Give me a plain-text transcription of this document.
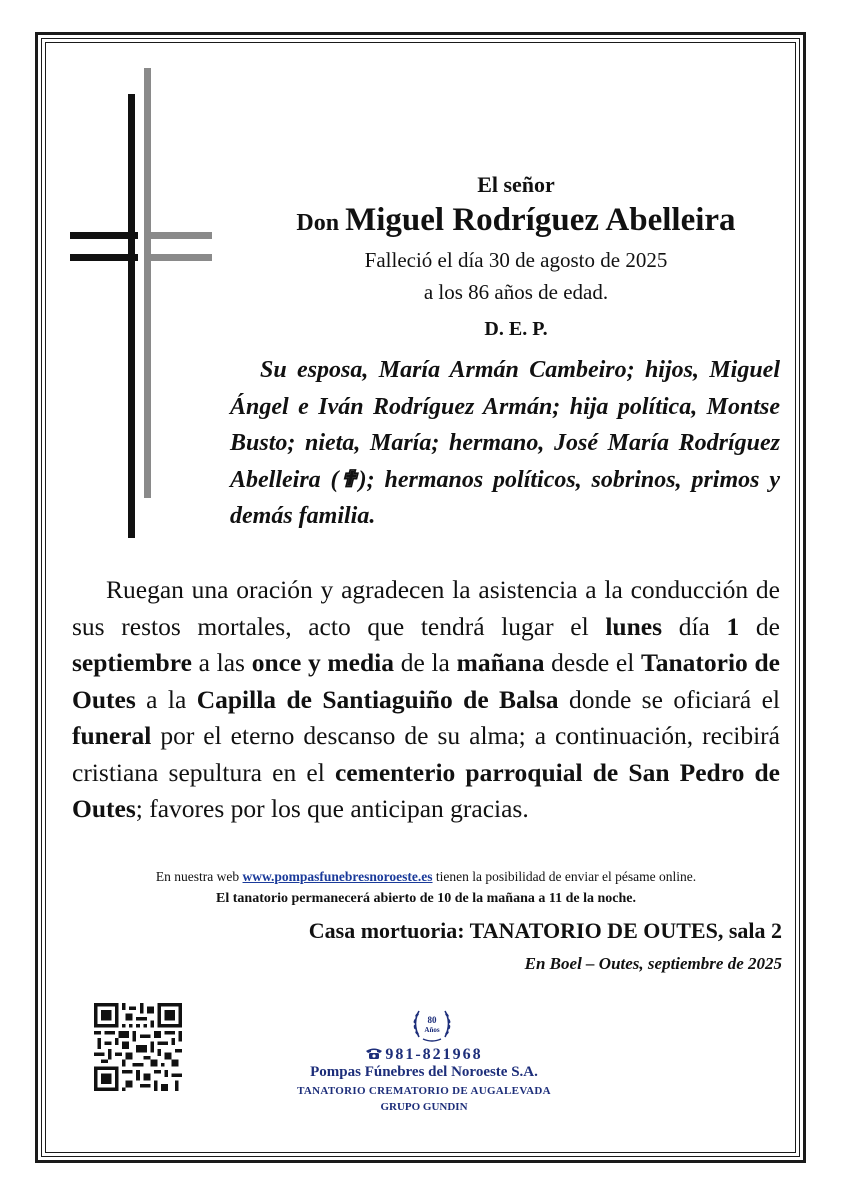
El señor
Don Miguel Rodríguez Abelleira
Falleció el día 30 de agosto de 2025
a los 86 años de edad.
D. E. P.
Su esposa, María Armán Cambeiro; hijos, Miguel Ángel e Iván Rodríguez Armán; hija política, Montse Busto; nieta, María; hermano, José María Rodríguez Abelleira (✟); hermanos políticos, sobrinos, primos y demás familia.
Ruegan una oración y agradecen la asistencia a la conducción de sus restos mortales, acto que tendrá lugar el lunes día 1 de septiembre a las once y media de la mañana desde el Tanatorio de Outes a la Capilla de Santiaguiño de Balsa donde se oficiará el funeral por el eterno descanso de su alma; a continuación, recibirá cristiana sepultura en el cementerio parroquial de San Pedro de Outes; favores por los que anticipan gracias.
En nuestra web www.pompasfunebresnoroeste.es tienen la posibilidad de enviar el pésame online.
El tanatorio permanecerá abierto de 10 de la mañana a 11 de la noche.
Casa mortuoria: TANATORIO DE OUTES, sala 2
En Boel – Outes, septiembre de 2025
80
Años
981-821968
Pompas Fúnebres del Noroeste S.A.
TANATORIO CREMATORIO DE AUGALEVADA
GRUPO GUNDIN
